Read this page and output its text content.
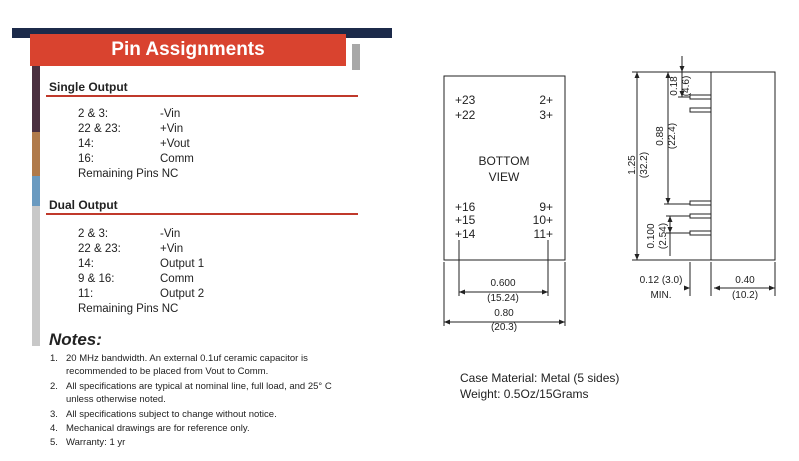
Pin Assignments
Single Output
2 & 3:	-Vin
22 & 23:	+Vin
14:	+Vout
16:	Comm
Remaining Pins NC
Dual Output
2 & 3:	-Vin
22 & 23:	+Vin
14:	Output 1
9 & 16:	Comm
11:	Output 2
Remaining Pins NC
Notes:
1. 20 MHz bandwidth. An external 0.1uf ceramic capacitor is
recommended to be placed from Vout to Comm.
2. All specifications are typical at nominal line, full load, and 25° C
unless otherwise noted.
3. All specifications subject to change without notice.
4. Mechanical drawings are for reference only.
5. Warranty: 1 yr
+23
+22
+16
+15
+14
2+
3+
9+
10+
11+
BOTTOM
VIEW
0.600
(15.24)
0.80
(20.3)
0.12 (3.0)
MIN.
0.40
(10.2)
1.25 (32.2)
0.88 (22.4)
0.18 (4.6)
0.100 (2.54)
Case Material: Metal (5 sides)
Weight: 0.5Oz/15Grams
